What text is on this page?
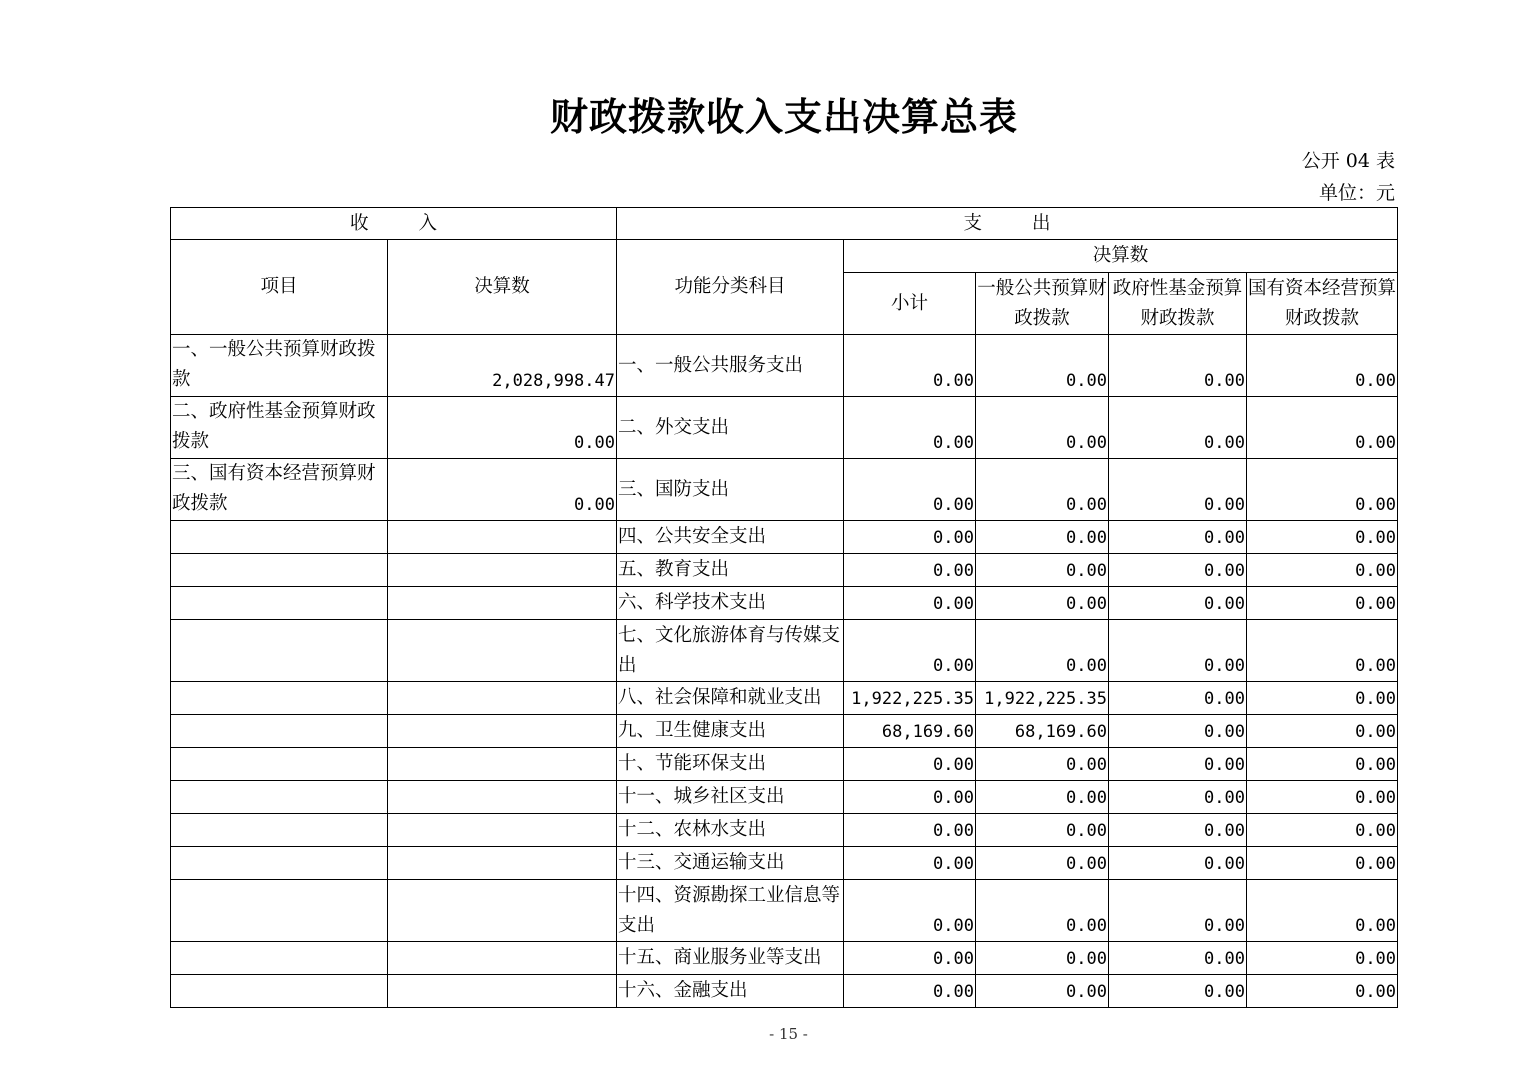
财政拨款收入支出决算总表
公开 04 表
单位：元
收 入		支 出				
项目	决算数	功能分类科目	决算数			
			小计	一般公共预算财政拨款	政府性基金预算财政拨款	国有资本经营预算财政拨款
一、一般公共预算财政拨款	2,028,998.47	一、一般公共服务支出	0.00	0.00	0.00	0.00
二、政府性基金预算财政拨款	0.00	二、外交支出	0.00	0.00	0.00	0.00
三、国有资本经营预算财政拨款	0.00	三、国防支出	0.00	0.00	0.00	0.00
		四、公共安全支出	0.00	0.00	0.00	0.00
		五、教育支出	0.00	0.00	0.00	0.00
		六、科学技术支出	0.00	0.00	0.00	0.00
		七、文化旅游体育与传媒支出	0.00	0.00	0.00	0.00
		八、社会保障和就业支出	1,922,225.35	1,922,225.35	0.00	0.00
		九、卫生健康支出	68,169.60	68,169.60	0.00	0.00
		十、节能环保支出	0.00	0.00	0.00	0.00
		十一、城乡社区支出	0.00	0.00	0.00	0.00
		十二、农林水支出	0.00	0.00	0.00	0.00
		十三、交通运输支出	0.00	0.00	0.00	0.00
		十四、资源勘探工业信息等支出	0.00	0.00	0.00	0.00
		十五、商业服务业等支出	0.00	0.00	0.00	0.00
		十六、金融支出	0.00	0.00	0.00	0.00
- 15 -
